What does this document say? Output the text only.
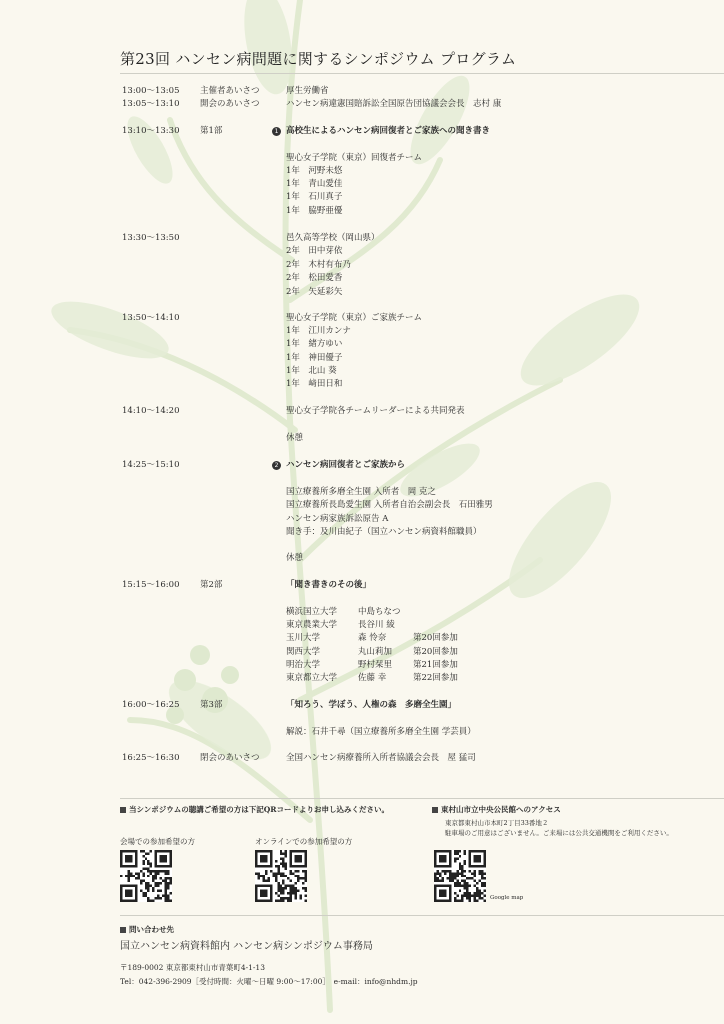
第23回 ハンセン病問題に関するシンポジウム プログラム
13:00～13:05 主催者あいさつ	厚生労働省
13:05～13:10 開会のあいさつ	ハンセン病違憲国賠訴訟全国原告団協議会会長　志村 康
13:10～13:30 第1部	高校生によるハンセン病回復者とご家族への聞き書き
1
聖心女子学院（東京）回復者チーム
1年　河野未悠
1年　青山愛佳
1年　石川真子
1年　脇野亜優
13:30～13:50	邑久高等学校（岡山県）
2年　田中芽依
2年　木村有布乃
2年　松田愛香
2年　矢延彩矢
13:50～14:10	聖心女子学院（東京）ご家族チーム
1年　江川カンナ
1年　緒方ゆい
1年　神田優子
1年　北山 葵
1年　﨑田日和
14:10～14:20	聖心女子学院各チームリーダーによる共同発表
休憩
14:25～15:10	ハンセン病回復者とご家族から
2
国立療養所多磨全生園 入所者　岡 克之
国立療養所長島愛生園 入所者自治会副会長　石田雅男
ハンセン病家族訴訟原告 A
聞き手：及川由紀子（国立ハンセン病資料館職員）
休憩
15:15～16:00 第2部	「聞き書きのその後」
横浜国立大学 中島ちなつ
東京農業大学 長谷川 綾
玉川大学	森 怜奈	第20回参加
関西大学	丸山莉加 第20回参加
明治大学	野村栞里 第21回参加
東京都立大学 佐藤 幸	第22回参加
16:00～16:25 第3部	「知ろう、学ぼう、人権の森　多磨全生園」
解説：石井千尋（国立療養所多磨全生園 学芸員）
16:25～16:30 閉会のあいさつ	全国ハンセン病療養所入所者協議会会長　屋 猛司
当シンポジウムの聴講ご希望の方は下記QRコードよりお申し込みください。
会場での参加希望の方	オンラインでの参加希望の方
東村山市立中央公民館へのアクセス
東京都東村山市本町2丁目33番地２
駐車場のご用意はございません。ご来場には公共交通機関をご利用ください。
Google map
問い合わせ先
国立ハンセン病資料館内 ハンセン病シンポジウム事務局
〒189-0002 東京都東村山市青葉町4-1-13
Tel：042-396-2909［受付時間：火曜～日曜 9:00～17:00］　e-mail：info@nhdm.jp
